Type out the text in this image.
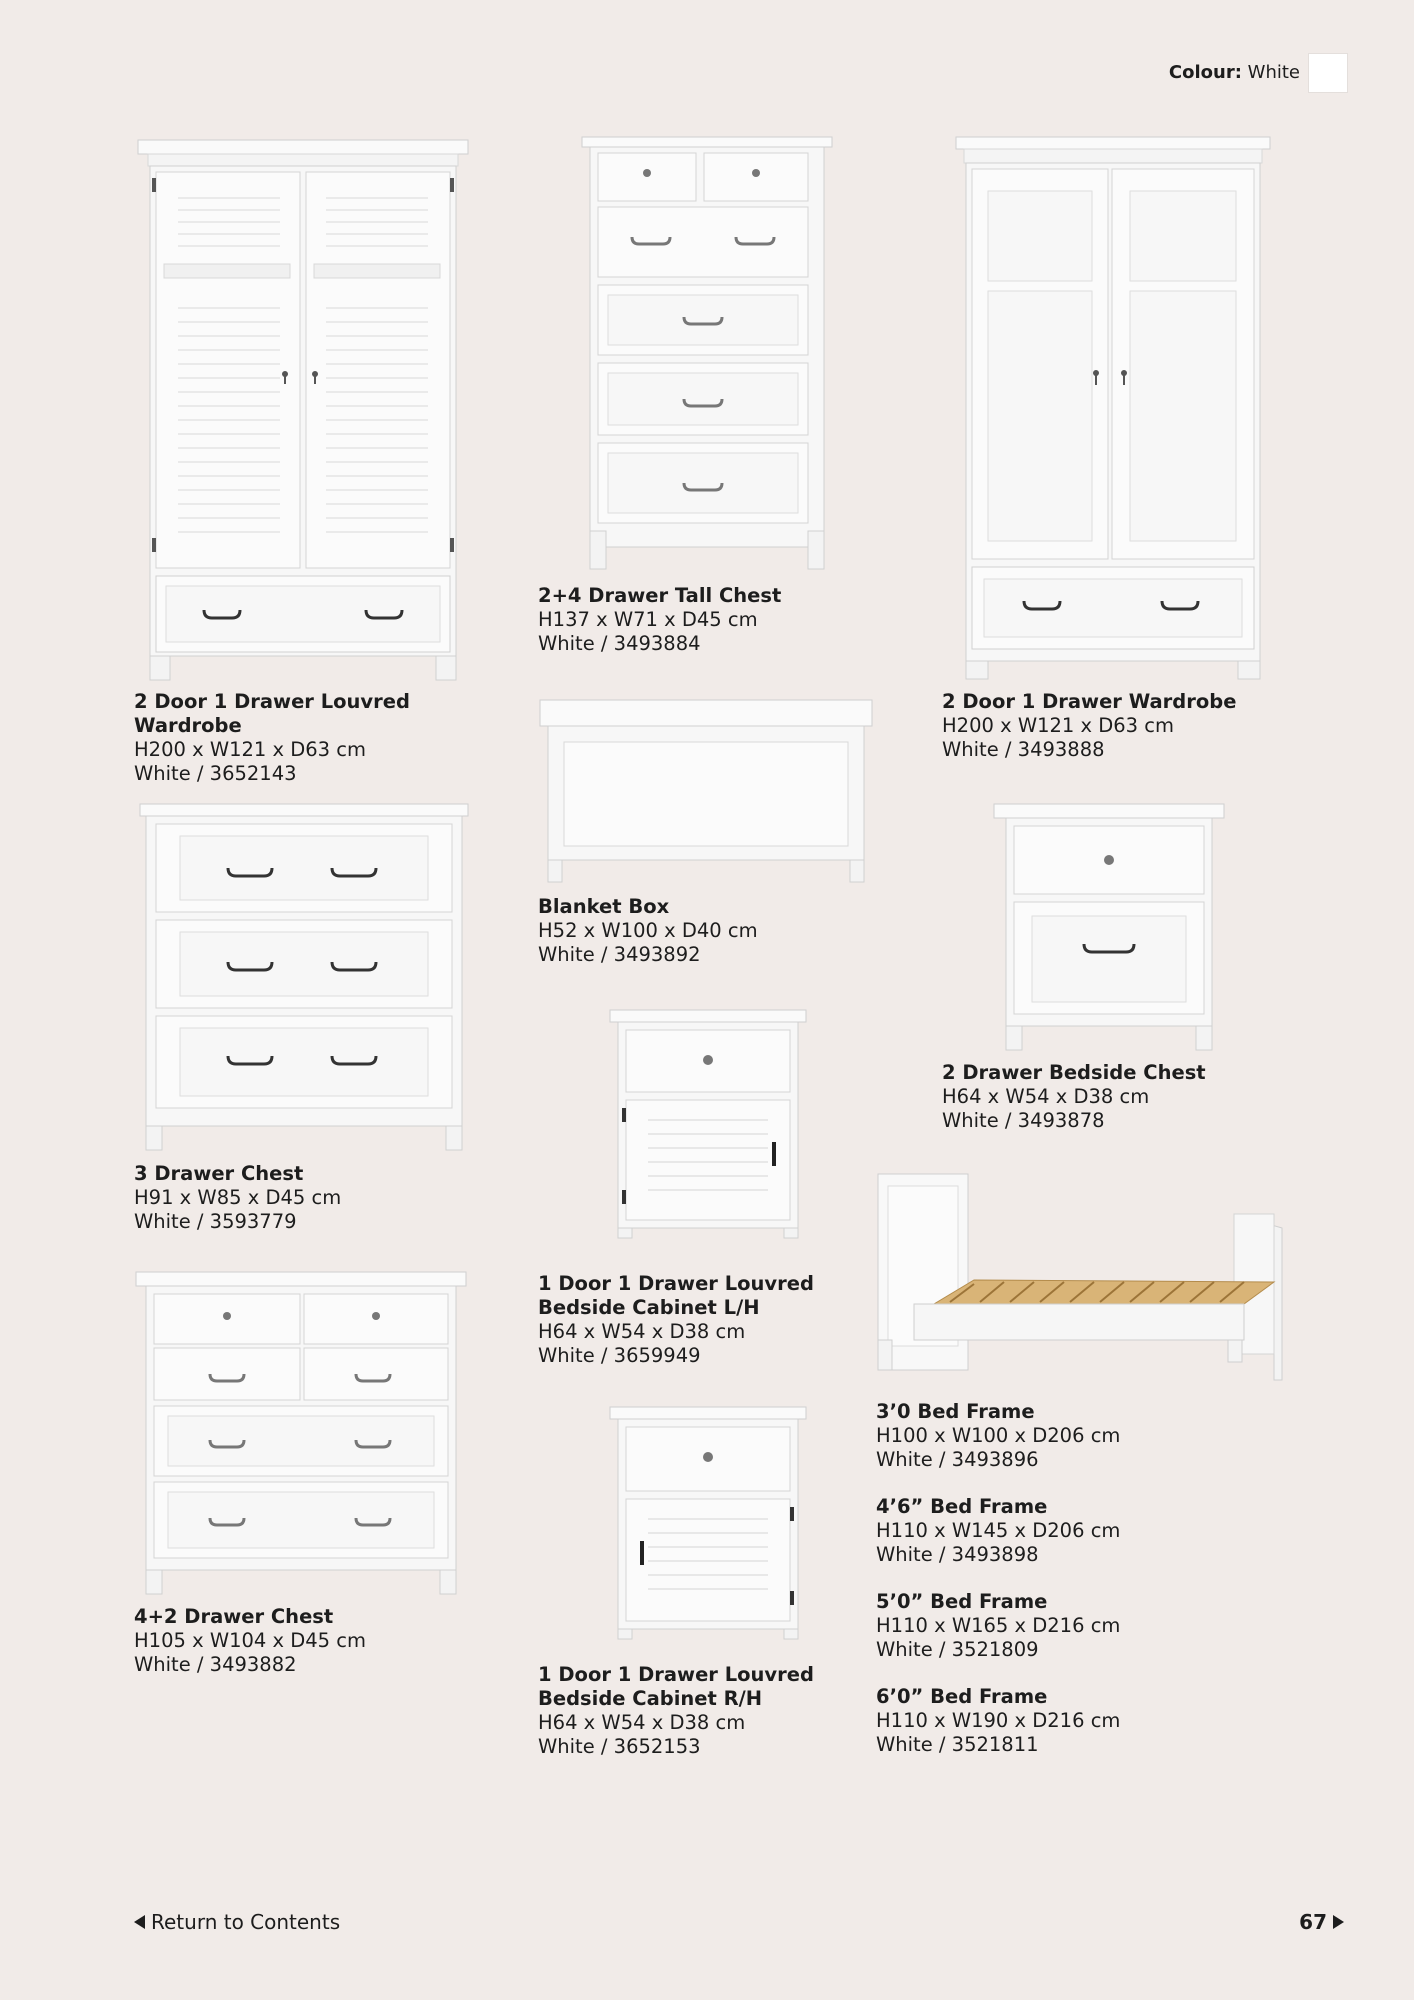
Colour: White
2 Door 1 Drawer Louvred Wardrobe
H200 x W121 x D63 cm
White / 3652143
2+4 Drawer Tall Chest
H137 x W71 x D45 cm
White / 3493884
2 Door 1 Drawer Wardrobe
H200 x W121 x D63 cm
White / 3493888
Blanket Box
H52 x W100 x D40 cm
White / 3493892
3 Drawer Chest
H91 x W85 x D45 cm
White / 3593779
2 Drawer Bedside Chest
H64 x W54 x D38 cm
White / 3493878
1 Door 1 Drawer Louvred Bedside Cabinet L/H
H64 x W54 x D38 cm
White / 3659949
4+2 Drawer Chest
H105 x W104 x D45 cm
White / 3493882	1 Door 1 Drawer Louvred Bedside Cabinet R/H
H64 x W54 x D38 cm
White / 3652153
3’0 Bed Frame
H100 x W100 x D206 cm
White / 3493896
4’6” Bed Frame
H110 x W145 x D206 cm
White / 3493898
5’0” Bed Frame
H110 x W165 x D216 cm
White / 3521809
6’0” Bed Frame
H110 x W190 x D216 cm
White / 3521811
Return to Contents	67
